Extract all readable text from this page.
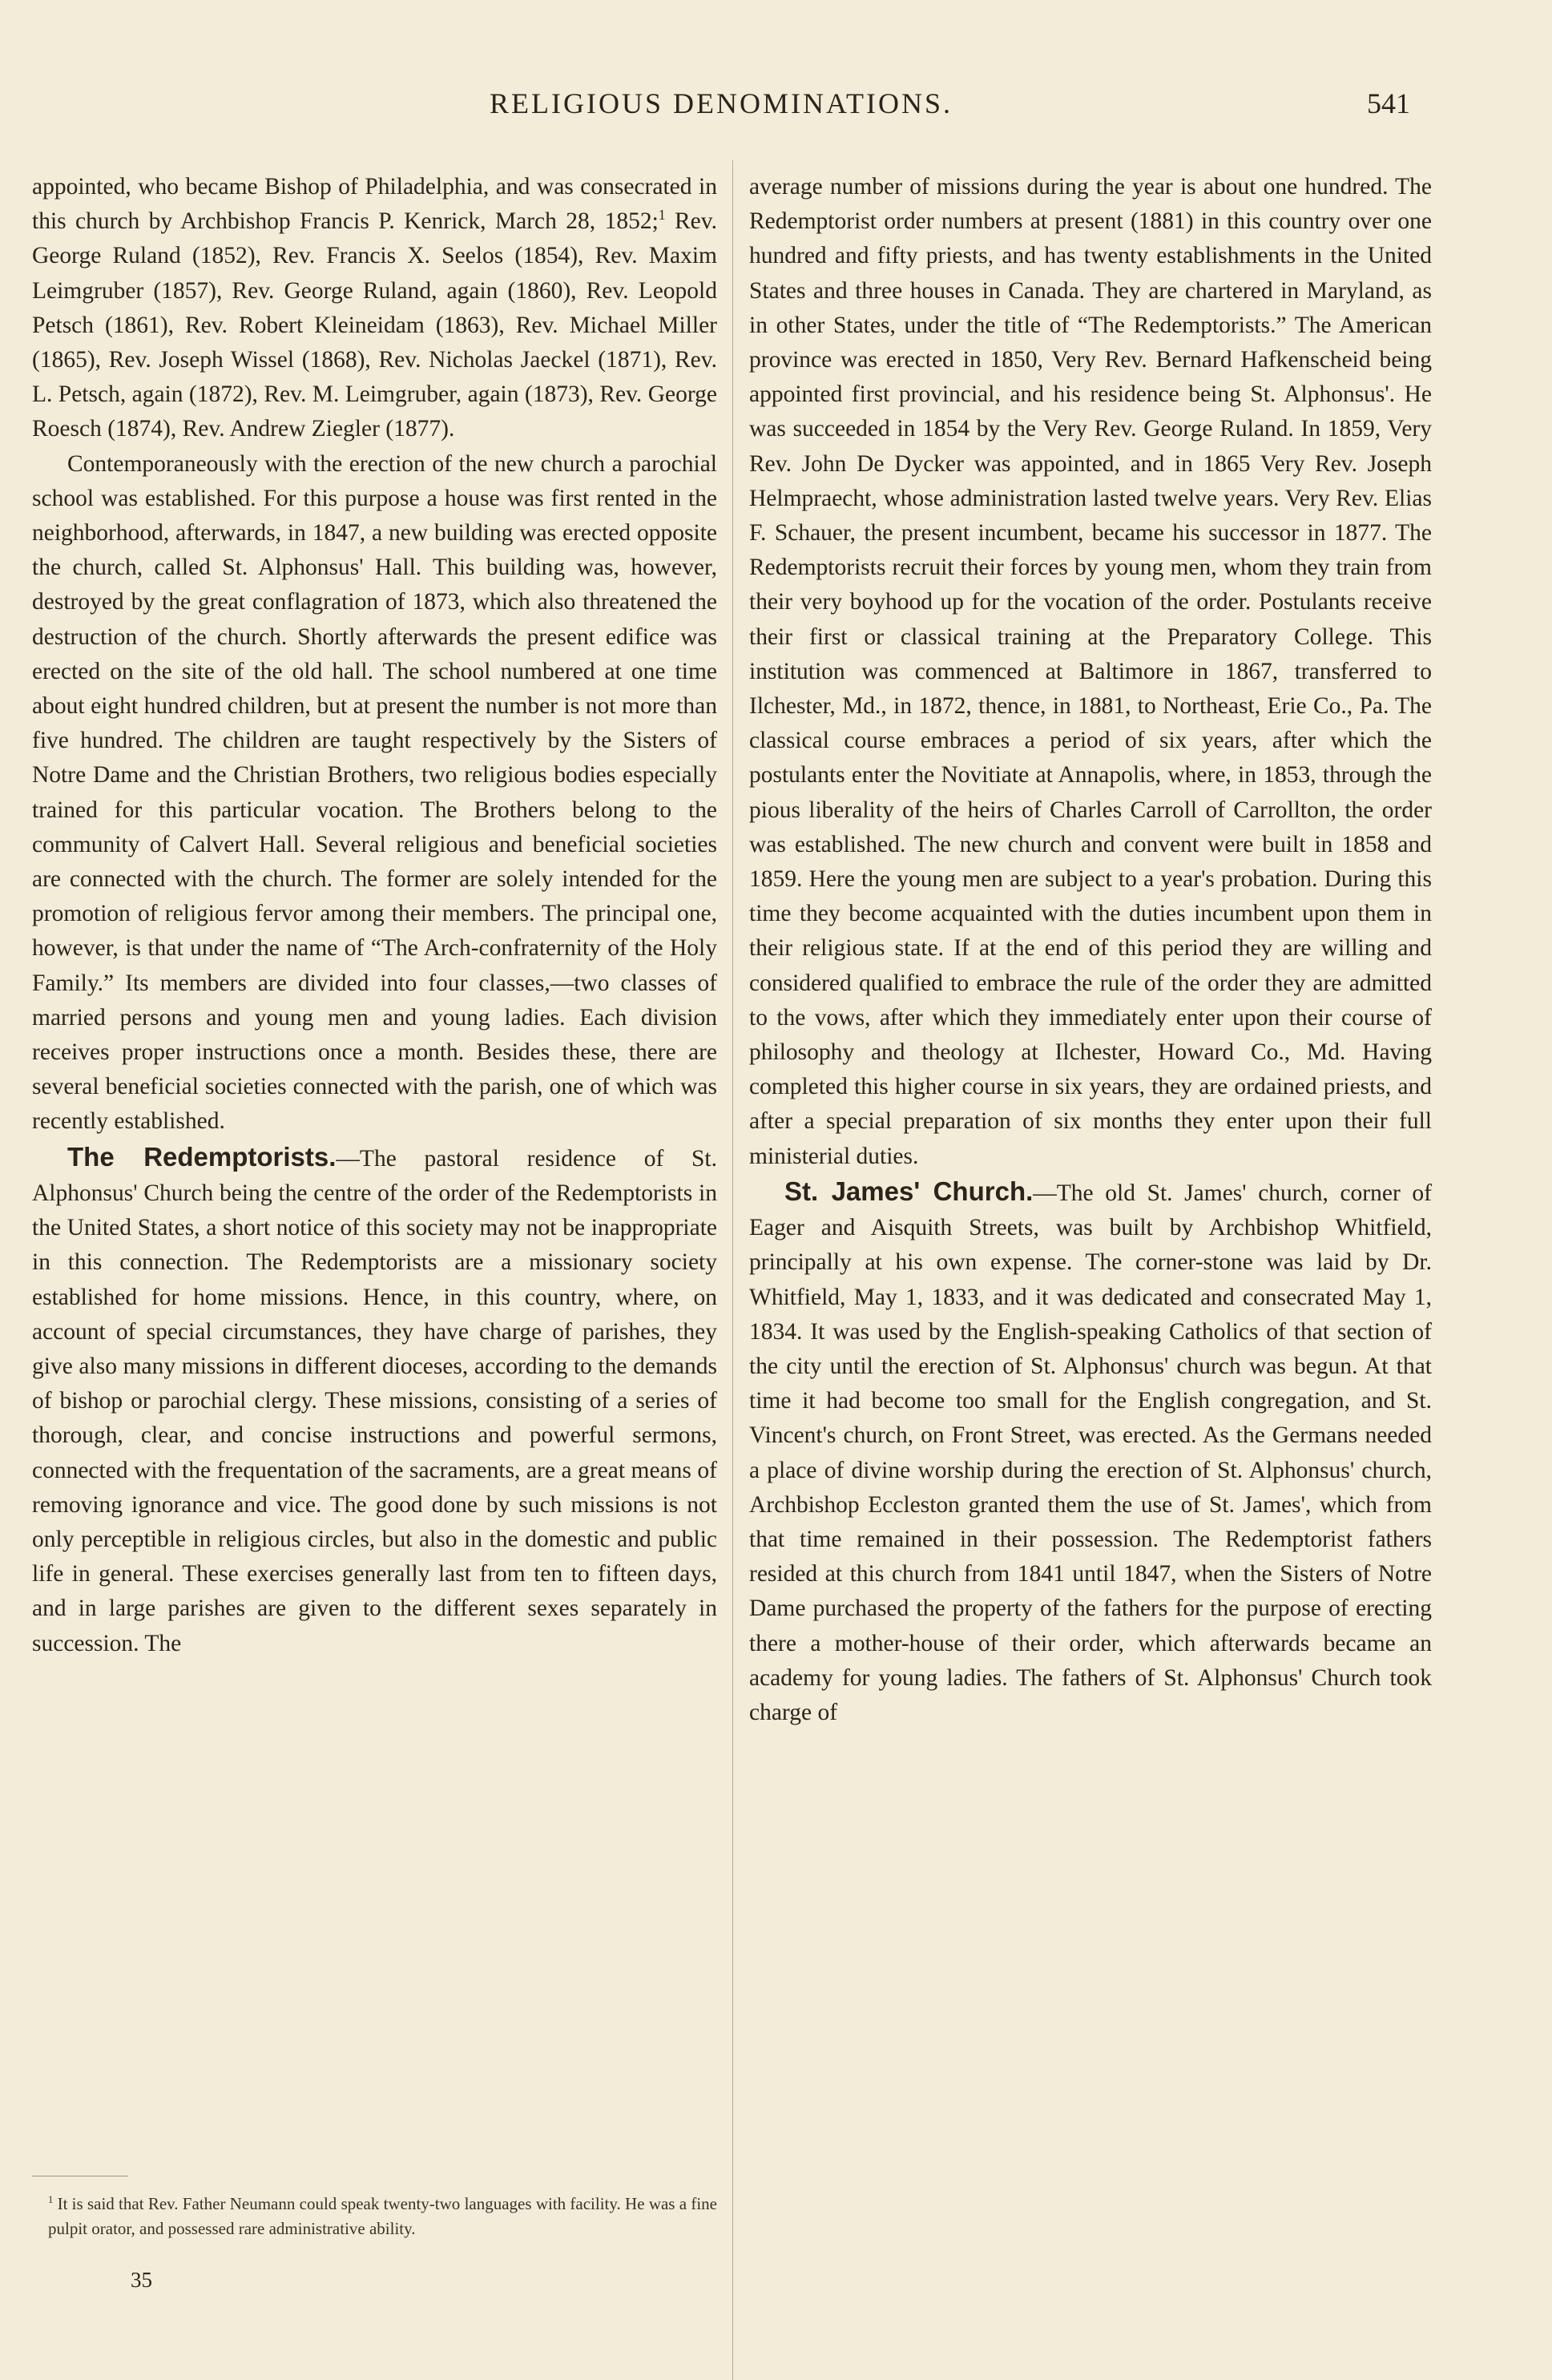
RELIGIOUS DENOMINATIONS.	541

appointed, who became Bishop of Philadelphia, and was consecrated in this church by Archbishop Francis P. Kenrick, March 28, 1852;$^1$ Rev. George Ruland (1852), Rev. Francis X. Seelos (1854), Rev. Maxim Leimgruber (1857), Rev. George Ruland, again (1860), Rev. Leopold Petsch (1861), Rev. Robert Kleineidam (1863), Rev. Michael Miller (1865), Rev. Joseph Wissel (1868), Rev. Nicholas Jaeckel (1871), Rev. L. Petsch, again (1872), Rev. M. Leimgruber, again (1873), Rev. George Roesch (1874), Rev. Andrew Ziegler (1877).

Contemporaneously with the erection of the new church a parochial school was established. For this purpose a house was first rented in the neighborhood, afterwards, in 1847, a new building was erected opposite the church, called St. Alphonsus' Hall. This building was, however, destroyed by the great conflagration of 1873, which also threatened the destruction of the church. Shortly afterwards the present edifice was erected on the site of the old hall. The school numbered at one time about eight hundred children, but at present the number is not more than five hundred. The children are taught respectively by the Sisters of Notre Dame and the Christian Brothers, two religious bodies especially trained for this particular vocation. The Brothers belong to the community of Calvert Hall. Several religious and beneficial societies are connected with the church. The former are solely intended for the promotion of religious fervor among their members. The principal one, however, is that under the name of “The Arch-confraternity of the Holy Family.” Its members are divided into four classes,—two classes of married persons and young men and young ladies. Each division receives proper instructions once a month. Besides these, there are several beneficial societies connected with the parish, one of which was recently established.

The Redemptorists.—The pastoral residence of St. Alphonsus' Church being the centre of the order of the Redemptorists in the United States, a short notice of this society may not be inappropriate in this connection. The Redemptorists are a missionary society established for home missions. Hence, in this country, where, on account of special circumstances, they have charge of parishes, they give also many missions in different dioceses, according to the demands of bishop or parochial clergy. These missions, consisting of a series of thorough, clear, and concise instructions and powerful sermons, connected with the frequentation of the sacraments, are a great means of removing ignorance and vice. The good done by such missions is not only perceptible in religious circles, but also in the domestic and public life in general. These exercises generally last from ten to fifteen days, and in large parishes are given to the different sexes separately in succession. The

average number of missions during the year is about one hundred. The Redemptorist order numbers at present (1881) in this country over one hundred and fifty priests, and has twenty establishments in the United States and three houses in Canada. They are chartered in Maryland, as in other States, under the title of “The Redemptorists.” The American province was erected in 1850, Very Rev. Bernard Hafkenscheid being appointed first provincial, and his residence being St. Alphonsus'. He was succeeded in 1854 by the Very Rev. George Ruland. In 1859, Very Rev. John De Dycker was appointed, and in 1865 Very Rev. Joseph Helmpraecht, whose administration lasted twelve years. Very Rev. Elias F. Schauer, the present incumbent, became his successor in 1877. The Redemptorists recruit their forces by young men, whom they train from their very boyhood up for the vocation of the order. Postulants receive their first or classical training at the Preparatory College. This institution was commenced at Baltimore in 1867, transferred to Ilchester, Md., in 1872, thence, in 1881, to Northeast, Erie Co., Pa. The classical course embraces a period of six years, after which the postulants enter the Novitiate at Annapolis, where, in 1853, through the pious liberality of the heirs of Charles Carroll of Carrollton, the order was established. The new church and convent were built in 1858 and 1859. Here the young men are subject to a year's probation. During this time they become acquainted with the duties incumbent upon them in their religious state. If at the end of this period they are willing and considered qualified to embrace the rule of the order they are admitted to the vows, after which they immediately enter upon their course of philosophy and theology at Ilchester, Howard Co., Md. Having completed this higher course in six years, they are ordained priests, and after a special preparation of six months they enter upon their full ministerial duties.

St. James' Church.—The old St. James' church, corner of Eager and Aisquith Streets, was built by Archbishop Whitfield, principally at his own expense. The corner-stone was laid by Dr. Whitfield, May 1, 1833, and it was dedicated and consecrated May 1, 1834. It was used by the English-speaking Catholics of that section of the city until the erection of St. Alphonsus' church was begun. At that time it had become too small for the English congregation, and St. Vincent's church, on Front Street, was erected. As the Germans needed a place of divine worship during the erection of St. Alphonsus' church, Archbishop Eccleston granted them the use of St. James', which from that time remained in their possession. The Redemptorist fathers resided at this church from 1841 until 1847, when the Sisters of Notre Dame purchased the property of the fathers for the purpose of erecting there a mother-house of their order, which afterwards became an academy for young ladies. The fathers of St. Alphonsus' Church took charge of

$^1$ It is said that Rev. Father Neumann could speak twenty-two languages with facility. He was a fine pulpit orator, and possessed rare administrative ability.
35
